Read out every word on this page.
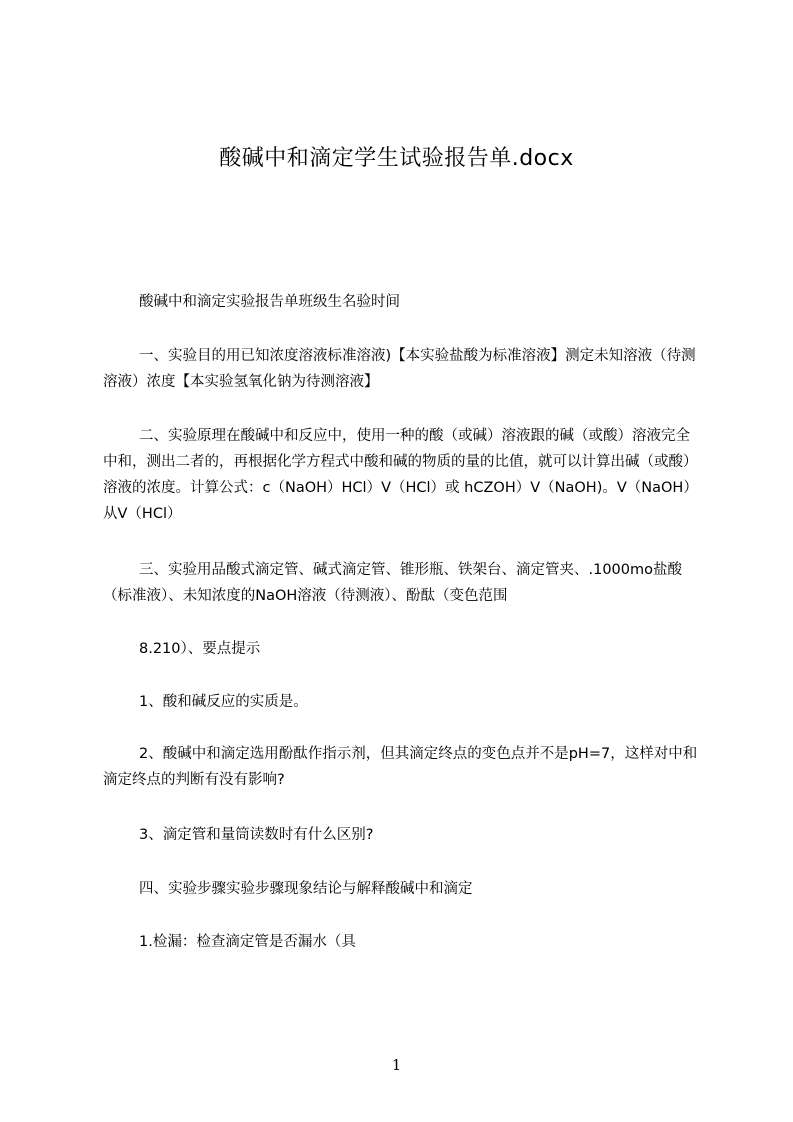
酸碱中和滴定学生试验报告单.docx
酸碱中和滴定实验报告单班级生名验时间
一、实验目的用已知浓度溶液标准溶液)【本实验盐酸为标准溶液】测定未知溶液（待测溶液）浓度【本实验氢氧化钠为待测溶液】
二、实验原理在酸碱中和反应中，使用一种的酸（或碱）溶液跟的碱（或酸）溶液完全中和，测出二者的，再根据化学方程式中酸和碱的物质的量的比值，就可以计算出碱（或酸）溶液的浓度。计算公式：c（NaOH）HCl）V（HCl）或 hCZOH）V（NaOH)。V（NaOH）从V（HCl）
三、实验用品酸式滴定管、碱式滴定管、锥形瓶、铁架台、滴定管夹、.1000mo盐酸（标准液）、未知浓度的NaOH溶液（待测液）、酚酞（变色范围
8.210）、要点提示
1、酸和碱反应的实质是。
2、酸碱中和滴定选用酚酞作指示剂，但其滴定终点的变色点并不是pH=7，这样对中和滴定终点的判断有没有影响?
3、滴定管和量筒读数时有什么区别?
四、实验步骤实验步骤现象结论与解释酸碱中和滴定
1.检漏：检查滴定管是否漏水（具
1
